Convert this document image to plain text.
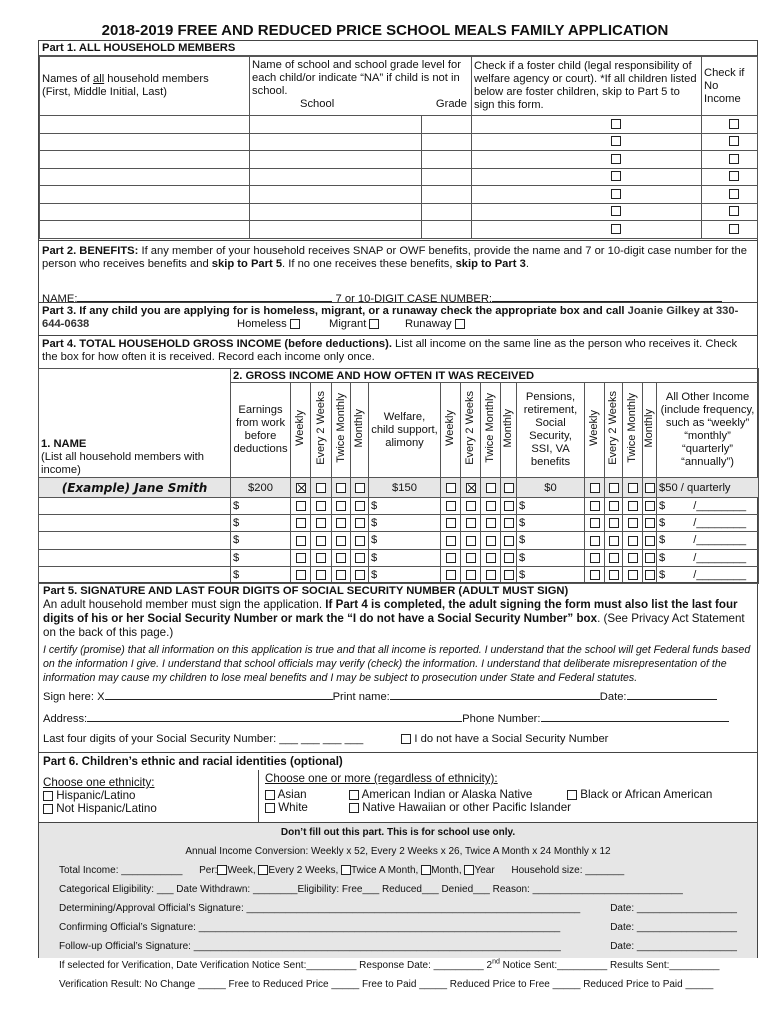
2018-2019 FREE AND REDUCED PRICE SCHOOL MEALS FAMILY APPLICATION
Part 1. ALL HOUSEHOLD MEMBERS
Names of all household members
(First, Middle Initial, Last)	Name of school and school grade level for each child/or indicate “NA” if child is not in school.
School Grade		Check if a foster child (legal responsibility of welfare agency or court). *If all children listed below are foster children, skip to Part 5 to sign this form.	Check if No Income

Part 2. BENEFITS: If any member of your household receives SNAP or OWF benefits, provide the name and 7 or 10-digit case number for the person who receives benefits and skip to Part 5. If no one receives these benefits, skip to Part 3.
NAME:	7 or 10-DIGIT CASE NUMBER:
Part 3. If any child you are applying for is homeless, migrant, or a runaway check the appropriate box and call Joanie Gilkey at 330-644-0638	Homeless	Migrant	Runaway
Part 4. TOTAL HOUSEHOLD GROSS INCOME (before deductions). List all income on the same line as the person who receives it. Check the box for how often it is received. Record each income only once.
1. NAME
(List all household members with income)	2. GROSS INCOME AND HOW OFTEN IT WAS RECEIVED															
	Earnings from work before deductions	Weekly	Every 2 Weeks	Twice Monthly	Monthly	Welfare, child support, alimony	Weekly	Every 2 Weeks	Twice Monthly	Monthly	Pensions, retirement, Social Security, SSI, VA benefits	Weekly	Every 2 Weeks	Twice Monthly	Monthly	All Other Income (include frequency, such as “weekly” “monthly” “quarterly” “annually”)
(Example) Jane Smith	$200					$150					$0					$50 / quarterly
	$					$					$					$ /________
	$					$					$					$ /________
	$					$					$					$ /________
	$					$					$					$ /________
	$					$					$					$ /________
Part 5. SIGNATURE AND LAST FOUR DIGITS OF SOCIAL SECURITY NUMBER (ADULT MUST SIGN)
An adult household member must sign the application. If Part 4 is completed, the adult signing the form must also list the last four digits of his or her Social Security Number or mark the “I do not have a Social Security Number” box. (See Privacy Act Statement on the back of this page.)
I certify (promise) that all information on this application is true and that all income is reported. I understand that the school will get Federal funds based on the information I give. I understand that school officials may verify (check) the information. I understand that deliberate misrepresentation of the information may cause my children to lose meal benefits and I may be subject to prosecution under State and Federal statutes.
Sign here: X	Print name:	Date:
Address:	Phone Number:
Last four digits of your Social Security Number: ___ ___ ___ ___	I do not have a Social Security Number
Part 6. Children’s ethnic and racial identities (optional)
Choose one ethnicity:
Hispanic/Latino
Not Hispanic/Latino
Choose one or more (regardless of ethnicity):
Asian	American Indian or Alaska Native	Black or African American
White	Native Hawaiian or other Pacific Islander
Don’t fill out this part. This is for school use only.
Annual Income Conversion: Weekly x 52, Every 2 Weeks x 26, Twice A Month x 24 Monthly x 12
Total Income: ___________ Per: Week, Every 2 Weeks, Twice A Month, Month, Year Household size: _______
Categorical Eligibility: ___ Date Withdrawn: ________Eligibility: Free___ Reduced___ Denied___ Reason: ___________________________
Determining/Approval Official’s Signature: ____________________________________________________________	Date: __________________
Confirming Official’s Signature: _________________________________________________________________	Date: __________________
Follow-up Official’s Signature: __________________________________________________________________	Date: __________________
If selected for Verification, Date Verification Notice Sent:_________ Response Date: _________ 2nd Notice Sent:_________ Results Sent:_________
Verification Result: No Change _____ Free to Reduced Price _____ Free to Paid _____ Reduced Price to Free _____ Reduced Price to Paid _____
